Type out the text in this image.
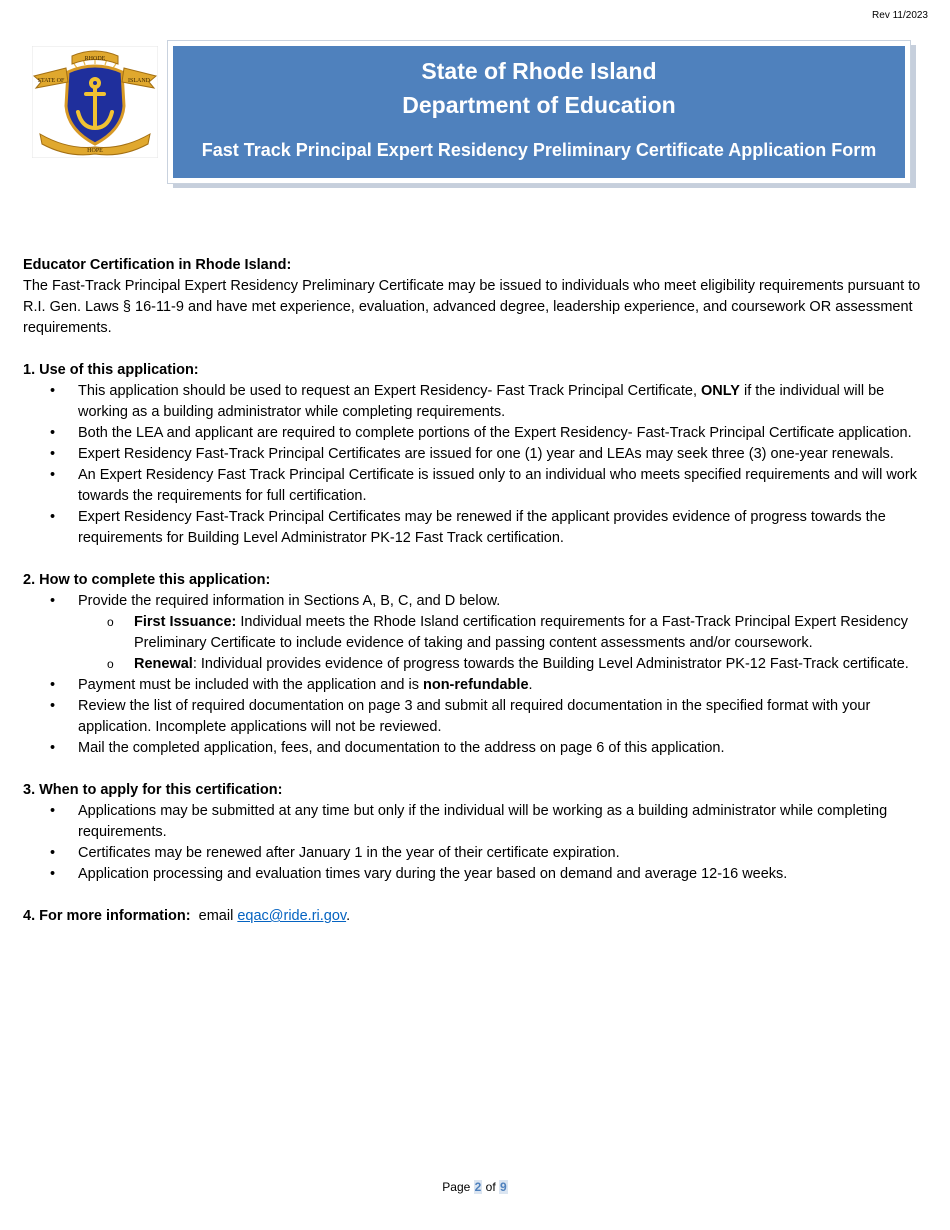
Rev 11/2023
RHODE
STATE OF	ISLAND
HOPE
State of Rhode Island
Department of Education
Fast Track Principal Expert Residency Preliminary Certificate Application Form

Educator Certification in Rhode Island:

The Fast-Track Principal Expert Residency Preliminary Certificate may be issued to individuals who meet eligibility requirements pursuant to R.I. Gen. Laws § 16-11-9 and have met experience, evaluation, advanced degree, leadership experience, and coursework OR assessment requirements.

1. Use of this application:

• This application should be used to request an Expert Residency- Fast Track Principal Certificate, ONLY if the individual will be working as a building administrator while completing requirements.
• Both the LEA and applicant are required to complete portions of the Expert Residency- Fast-Track Principal Certificate application.
• Expert Residency Fast-Track Principal Certificates are issued for one (1) year and LEAs may seek three (3) one-year renewals.
• An Expert Residency Fast Track Principal Certificate is issued only to an individual who meets specified requirements and will work towards the requirements for full certification.
• Expert Residency Fast-Track Principal Certificates may be renewed if the applicant provides evidence of progress towards the requirements for Building Level Administrator PK-12 Fast Track certification.

2. How to complete this application:

• Provide the required information in Sections A, B, C, and D below.
o First Issuance: Individual meets the Rhode Island certification requirements for a Fast-Track Principal Expert Residency Preliminary Certificate to include evidence of taking and passing content assessments and/or coursework.
o Renewal: Individual provides evidence of progress towards the Building Level Administrator PK-12 Fast-Track certificate.
• Payment must be included with the application and is non-refundable.
• Review the list of required documentation on page 3 and submit all required documentation in the specified format with your application. Incomplete applications will not be reviewed.
• Mail the completed application, fees, and documentation to the address on page 6 of this application.

3. When to apply for this certification:

• Applications may be submitted at any time but only if the individual will be working as a building administrator while completing requirements.
• Certificates may be renewed after January 1 in the year of their certificate expiration.
• Application processing and evaluation times vary during the year based on demand and average 12-16 weeks.

4. For more information:  email eqac@ride.ri.gov.

Page 2 of 9
